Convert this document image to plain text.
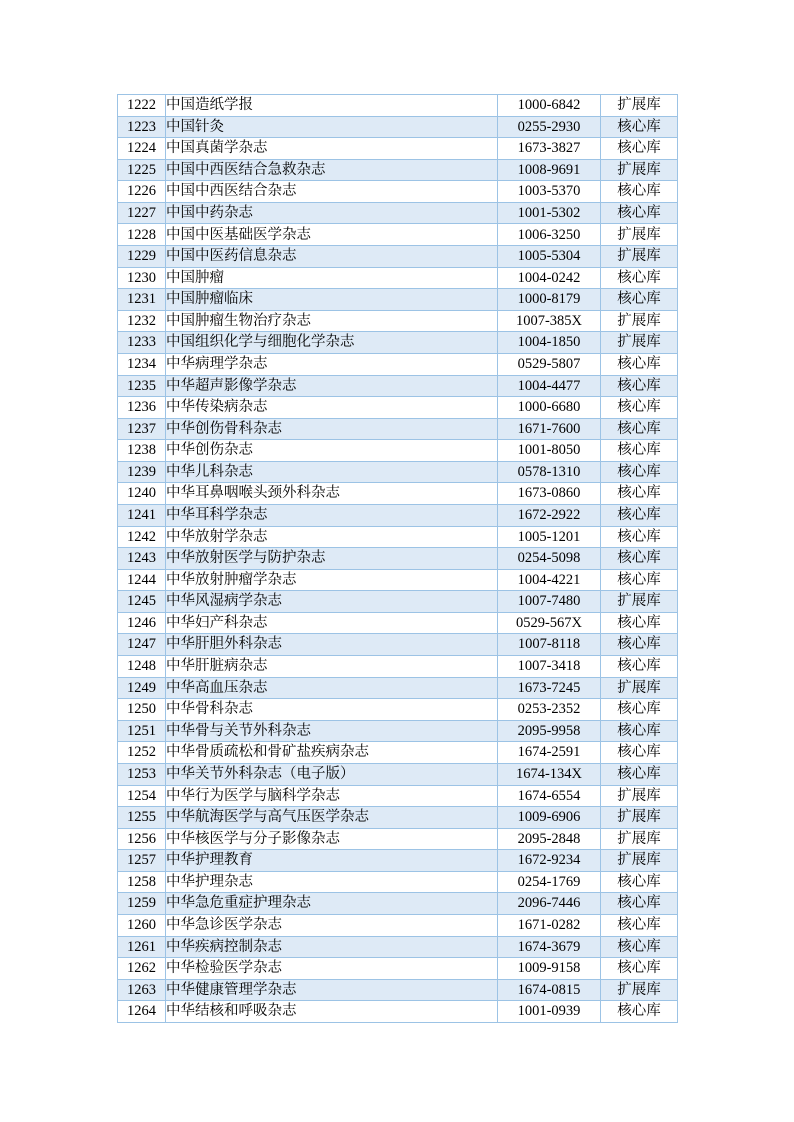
1222	中国造纸学报	1000-6842	扩展库
1223	中国针灸	0255-2930	核心库
1224	中国真菌学杂志	1673-3827	核心库
1225	中国中西医结合急救杂志	1008-9691	扩展库
1226	中国中西医结合杂志	1003-5370	核心库
1227	中国中药杂志	1001-5302	核心库
1228	中国中医基础医学杂志	1006-3250	扩展库
1229	中国中医药信息杂志	1005-5304	扩展库
1230	中国肿瘤	1004-0242	核心库
1231	中国肿瘤临床	1000-8179	核心库
1232	中国肿瘤生物治疗杂志	1007-385X	扩展库
1233	中国组织化学与细胞化学杂志	1004-1850	扩展库
1234	中华病理学杂志	0529-5807	核心库
1235	中华超声影像学杂志	1004-4477	核心库
1236	中华传染病杂志	1000-6680	核心库
1237	中华创伤骨科杂志	1671-7600	核心库
1238	中华创伤杂志	1001-8050	核心库
1239	中华儿科杂志	0578-1310	核心库
1240	中华耳鼻咽喉头颈外科杂志	1673-0860	核心库
1241	中华耳科学杂志	1672-2922	核心库
1242	中华放射学杂志	1005-1201	核心库
1243	中华放射医学与防护杂志	0254-5098	核心库
1244	中华放射肿瘤学杂志	1004-4221	核心库
1245	中华风湿病学杂志	1007-7480	扩展库
1246	中华妇产科杂志	0529-567X	核心库
1247	中华肝胆外科杂志	1007-8118	核心库
1248	中华肝脏病杂志	1007-3418	核心库
1249	中华高血压杂志	1673-7245	扩展库
1250	中华骨科杂志	0253-2352	核心库
1251	中华骨与关节外科杂志	2095-9958	核心库
1252	中华骨质疏松和骨矿盐疾病杂志	1674-2591	核心库
1253	中华关节外科杂志（电子版）	1674-134X	核心库
1254	中华行为医学与脑科学杂志	1674-6554	扩展库
1255	中华航海医学与高气压医学杂志	1009-6906	扩展库
1256	中华核医学与分子影像杂志	2095-2848	扩展库
1257	中华护理教育	1672-9234	扩展库
1258	中华护理杂志	0254-1769	核心库
1259	中华急危重症护理杂志	2096-7446	核心库
1260	中华急诊医学杂志	1671-0282	核心库
1261	中华疾病控制杂志	1674-3679	核心库
1262	中华检验医学杂志	1009-9158	核心库
1263	中华健康管理学杂志	1674-0815	扩展库
1264	中华结核和呼吸杂志	1001-0939	核心库
